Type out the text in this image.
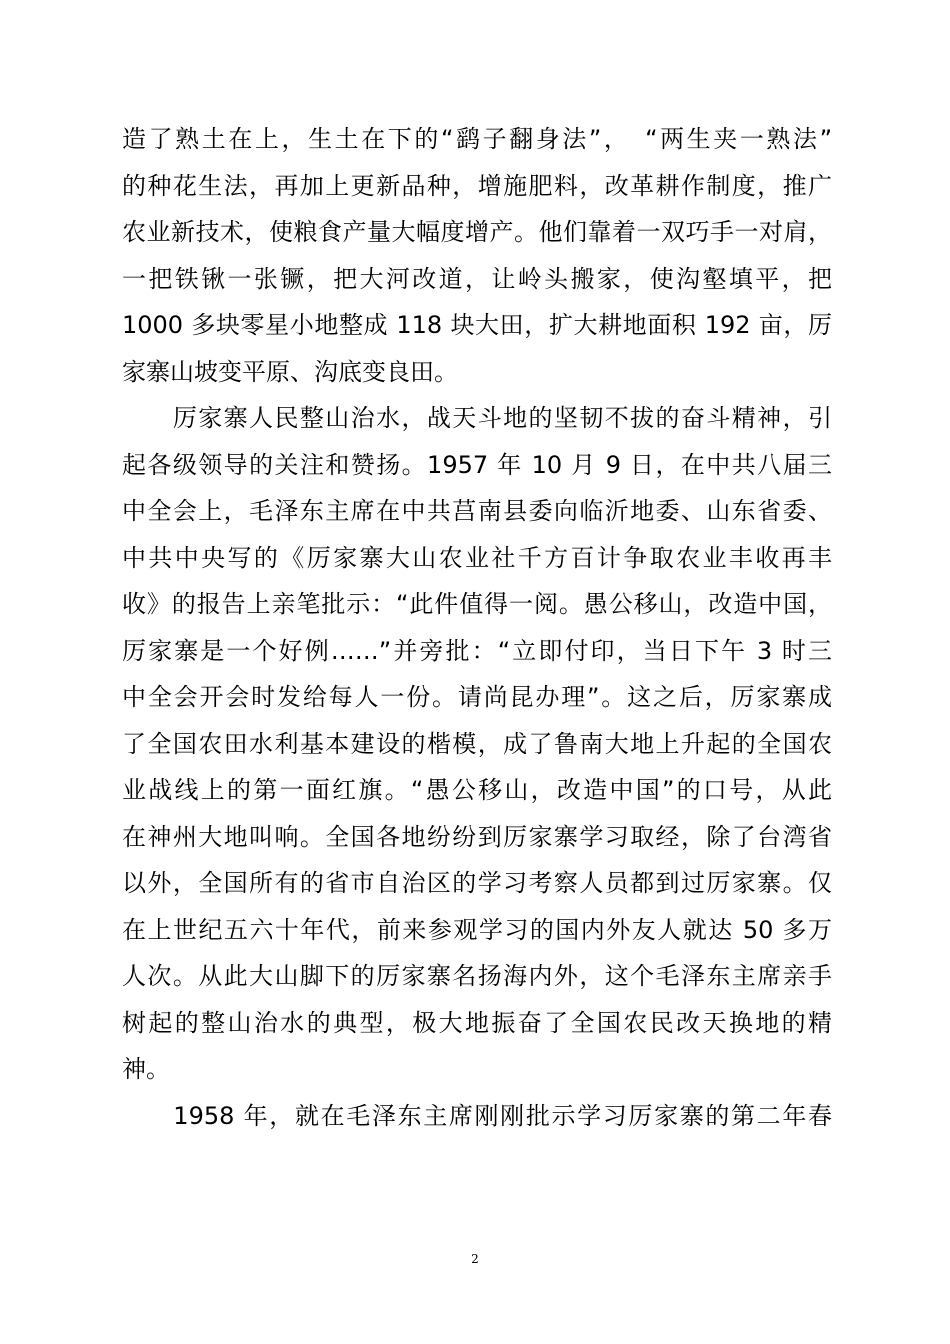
造了熟土在上，生土在下的“鹞子翻身法”，　“两生夹一熟法”
的种花生法，再加上更新品种，增施肥料，改革耕作制度，推广
农业新技术，使粮食产量大幅度增产。他们靠着一双巧手一对肩，
一把铁锹一张镢，把大河改道，让岭头搬家，使沟壑填平，把
1000 多块零星小地整成 118 块大田，扩大耕地面积 192 亩，厉
家寨山坡变平原、沟底变良田。
　　厉家寨人民整山治水，战天斗地的坚韧不拔的奋斗精神，引
起各级领导的关注和赞扬。1957 年 10 月 9 日，在中共八届三
中全会上，毛泽东主席在中共莒南县委向临沂地委、山东省委、
中共中央写的《厉家寨大山农业社千方百计争取农业丰收再丰
收》的报告上亲笔批示：“此件值得一阅。愚公移山，改造中国，
厉家寨是一个好例……”并旁批：“立即付印，当日下午 3 时三
中全会开会时发给每人一份。请尚昆办理”。这之后，厉家寨成
了全国农田水利基本建设的楷模，成了鲁南大地上升起的全国农
业战线上的第一面红旗。“愚公移山，改造中国”的口号，从此
在神州大地叫响。全国各地纷纷到厉家寨学习取经，除了台湾省
以外，全国所有的省市自治区的学习考察人员都到过厉家寨。仅
在上世纪五六十年代，前来参观学习的国内外友人就达 50 多万
人次。从此大山脚下的厉家寨名扬海内外，这个毛泽东主席亲手
树起的整山治水的典型，极大地振奋了全国农民改天换地的精
神。
　　1958 年，就在毛泽东主席刚刚批示学习厉家寨的第二年春
2
